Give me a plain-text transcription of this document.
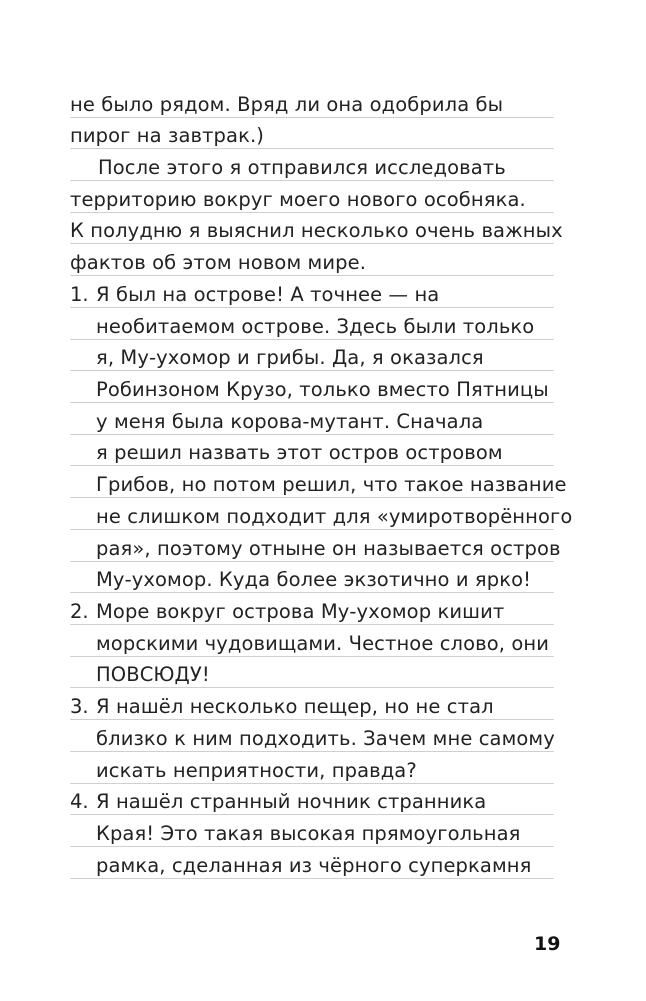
не было рядом. Вряд ли она одобрила бы
пирог на завтрак.)
После этого я отправился исследовать
территорию вокруг моего нового особняка.
К полудню я выяснил несколько очень важных
фактов об этом новом мире.
1. Я был на острове! А точнее — на
необитаемом острове. Здесь были только
я, Му-ухомор и грибы. Да, я оказался
Робинзоном Крузо, только вместо Пятницы
у меня была корова-мутант. Сначала
я решил назвать этот остров островом
Грибов, но потом решил, что такое название
не слишком подходит для «умиротворённого
рая», поэтому отныне он называется остров
Му-ухомор. Куда более экзотично и ярко!
2. Море вокруг острова Му-ухомор кишит
морскими чудовищами. Честное слово, они
ПОВСЮДУ!
3. Я нашёл несколько пещер, но не стал
близко к ним подходить. Зачем мне самому
искать неприятности, правда?
4. Я нашёл странный ночник странника
Края! Это такая высокая прямоугольная
рамка, сделанная из чёрного суперкамня
19
